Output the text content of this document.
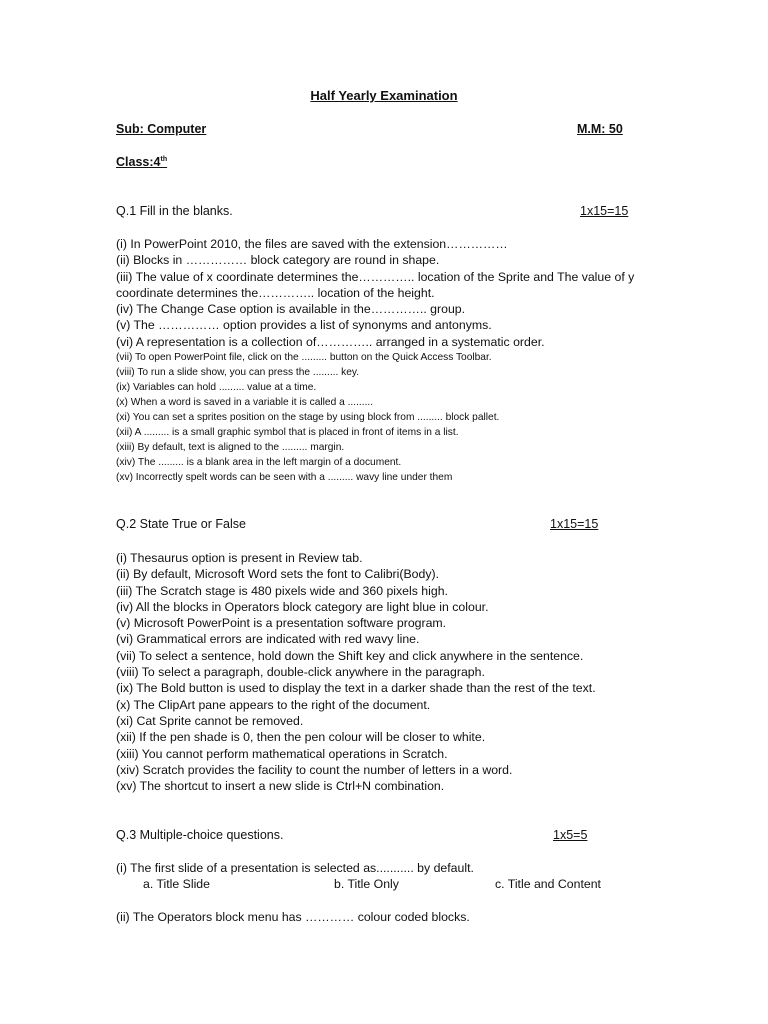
Half Yearly Examination
Sub: Computer	M.M: 50
Class:4th
Q.1 Fill in the blanks.	1x15=15
(i) In PowerPoint 2010, the files are saved with the extension……………
(ii) Blocks in …………… block category are round in shape.
(iii) The value of x coordinate determines the………….. location of the Sprite and The value of y coordinate determines the………….. location of the height.
(iv) The Change Case option is available in the………….. group.
(v) The …………… option provides a list of synonyms and antonyms.
(vi) A representation is a collection of………….. arranged in a systematic order.
(vii) To open PowerPoint file, click on the ......... button on the Quick Access Toolbar.
(viii) To run a slide show, you can press the ......... key.
(ix) Variables can hold ......... value at a time.
(x) When a word is saved in a variable it is called a .........
(xi) You can set a sprites position on the stage by using block from ......... block pallet.
(xii) A ......... is a small graphic symbol that is placed in front of items in a list.
(xiii) By default, text is aligned to the ......... margin.
(xiv) The ......... is a blank area in the left margin of a document.
(xv) Incorrectly spelt words can be seen with a ......... wavy line under them
Q.2 State True or False	1x15=15
(i) Thesaurus option is present in Review tab.
(ii) By default, Microsoft Word sets the font to Calibri(Body).
(iii) The Scratch stage is 480 pixels wide and 360 pixels high.
(iv) All the blocks in Operators block category are light blue in colour.
(v) Microsoft PowerPoint is a presentation software program.
(vi) Grammatical errors are indicated with red wavy line.
(vii) To select a sentence, hold down the Shift key and click anywhere in the sentence.
(viii) To select a paragraph, double-click anywhere in the paragraph.
(ix) The Bold button is used to display the text in a darker shade than the rest of the text.
(x) The ClipArt pane appears to the right of the document.
(xi) Cat Sprite cannot be removed.
(xii) If the pen shade is 0, then the pen colour will be closer to white.
(xiii) You cannot perform mathematical operations in Scratch.
(xiv) Scratch provides the facility to count the number of letters in a word.
(xv) The shortcut to insert a new slide is Ctrl+N combination.
Q.3 Multiple-choice questions.	1x5=5
(i) The first slide of a presentation is selected as........... by default.
a. Title Slide	b. Title Only	c. Title and Content
(ii) The Operators block menu has ………… colour coded blocks.
